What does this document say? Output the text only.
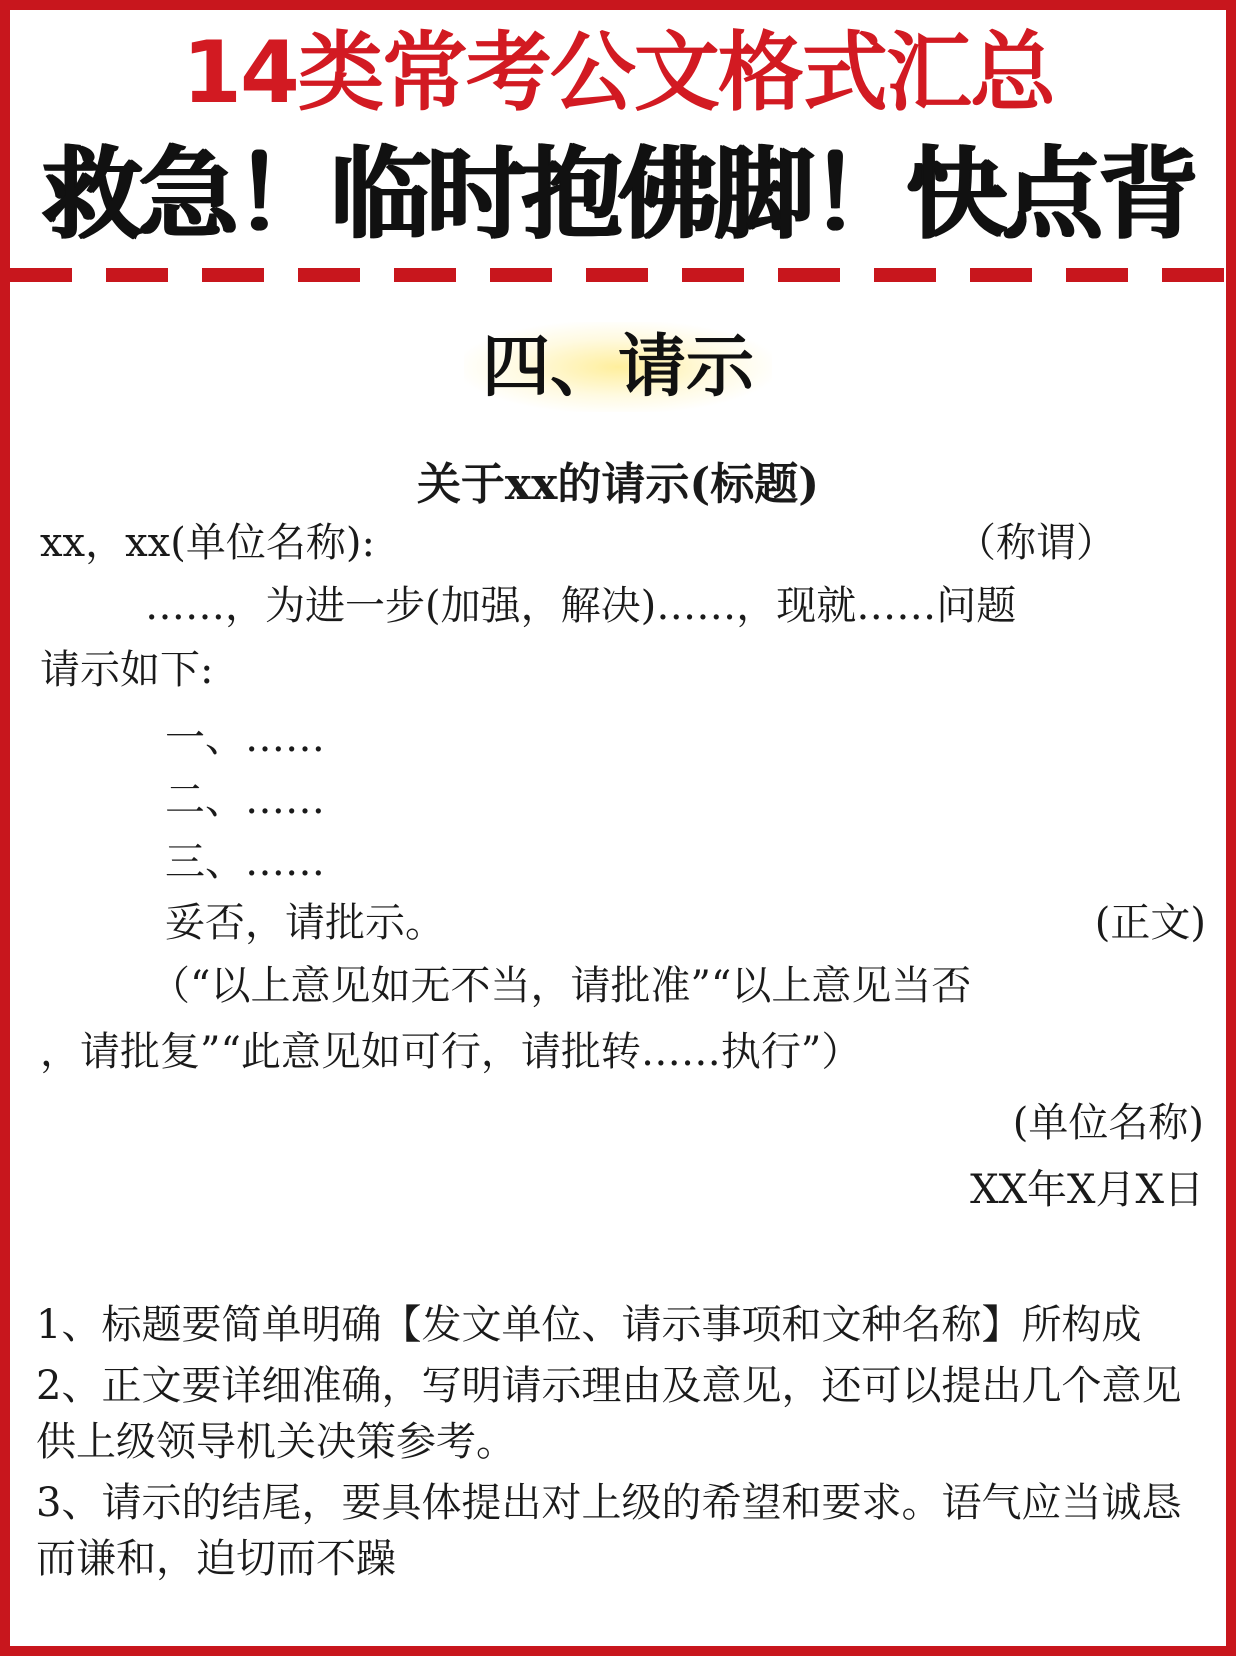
14类常考公文格式汇总
救急！临时抱佛脚！快点背
四、请示
关于xx的请示(标题)
xx，xx(单位名称):	（称谓）
……，为进一步(加强，解决)……，现就……问题
请示如下:
一、……
二、……
三、……
妥否，请批示。	(正文)
（“以上意见如无不当，请批准”“以上意见当否
，请批复”“此意见如可行，请批转……执行”）
(单位名称)
XX年X月X日

1、标题要简单明确【发文单位、请示事项和文种名称】所构成

2、正文要详细准确，写明请示理由及意见，还可以提出几个意见供上级领导机关决策参考。

3、请示的结尾，要具体提出对上级的希望和要求。语气应当诚恳而谦和，迫切而不躁
